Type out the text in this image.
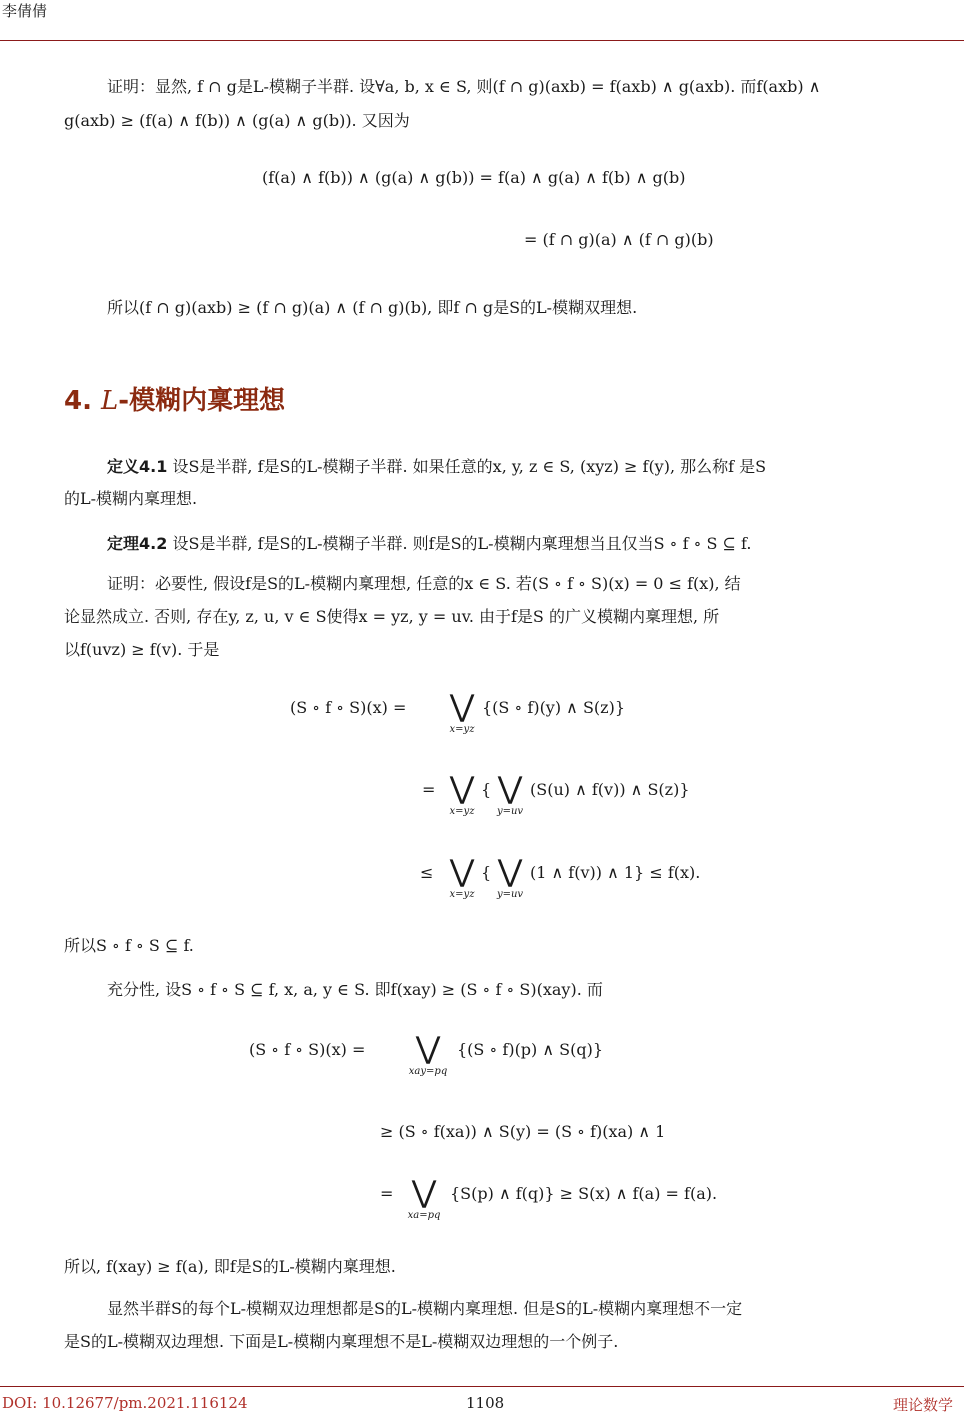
李倩倩
证明：显然, f ∩ g是L-模糊子半群. 设∀a, b, x ∈ S, 则(f ∩ g)(axb) = f(axb) ∧ g(axb). 而f(axb) ∧
g(axb) ≥ (f(a) ∧ f(b)) ∧ (g(a) ∧ g(b)). 又因为
(f(a) ∧ f(b)) ∧ (g(a) ∧ g(b)) = f(a) ∧ g(a) ∧ f(b) ∧ g(b)
= (f ∩ g)(a) ∧ (f ∩ g)(b)
所以(f ∩ g)(axb) ≥ (f ∩ g)(a) ∧ (f ∩ g)(b), 即f ∩ g是S的L-模糊双理想.
4. L-模糊内稟理想
定义4.1 设S是半群, f是S的L-模糊子半群. 如果任意的x, y, z ∈ S, (xyz) ≥ f(y), 那么称f 是S
的L-模糊内稟理想.
定理4.2 设S是半群, f是S的L-模糊子半群. 则f是S的L-模糊内稟理想当且仅当S ∘ f ∘ S ⊆ f.
证明：必要性, 假设f是S的L-模糊内稟理想, 任意的x ∈ S. 若(S ∘ f ∘ S)(x) = 0 ≤ f(x), 结
论显然成立. 否则, 存在y, z, u, v ∈ S使得x = yz, y = uv. 由于f是S 的广义模糊内稟理想, 所
以f(uvz) ≥ f(v). 于是
(S ∘ f ∘ S)(x) =	⋁
x=yz
{(S ∘ f)(y) ∧ S(z)}
= ⋁
x=yz
{ ⋁
y=uv
(S(u) ∧ f(v)) ∧ S(z)}
≤ ⋁
x=yz
{ ⋁
y=uv
(1 ∧ f(v)) ∧ 1} ≤ f(x).
所以S ∘ f ∘ S ⊆ f.
充分性, 设S ∘ f ∘ S ⊆ f, x, a, y ∈ S. 即f(xay) ≥ (S ∘ f ∘ S)(xay). 而
(S ∘ f ∘ S)(x) =	⋁
xay=pq
{(S ∘ f)(p) ∧ S(q)}
≥ (S ∘ f(xa)) ∧ S(y) = (S ∘ f)(xa) ∧ 1
= ⋁
xa=pq
{S(p) ∧ f(q)} ≥ S(x) ∧ f(a) = f(a).
所以, f(xay) ≥ f(a), 即f是S的L-模糊内稟理想.
显然半群S的每个L-模糊双边理想都是S的L-模糊内稟理想. 但是S的L-模糊内稟理想不一定
是S的L-模糊双边理想. 下面是L-模糊内稟理想不是L-模糊双边理想的一个例子.
DOI: 10.12677/pm.2021.116124	1108	理论数学
